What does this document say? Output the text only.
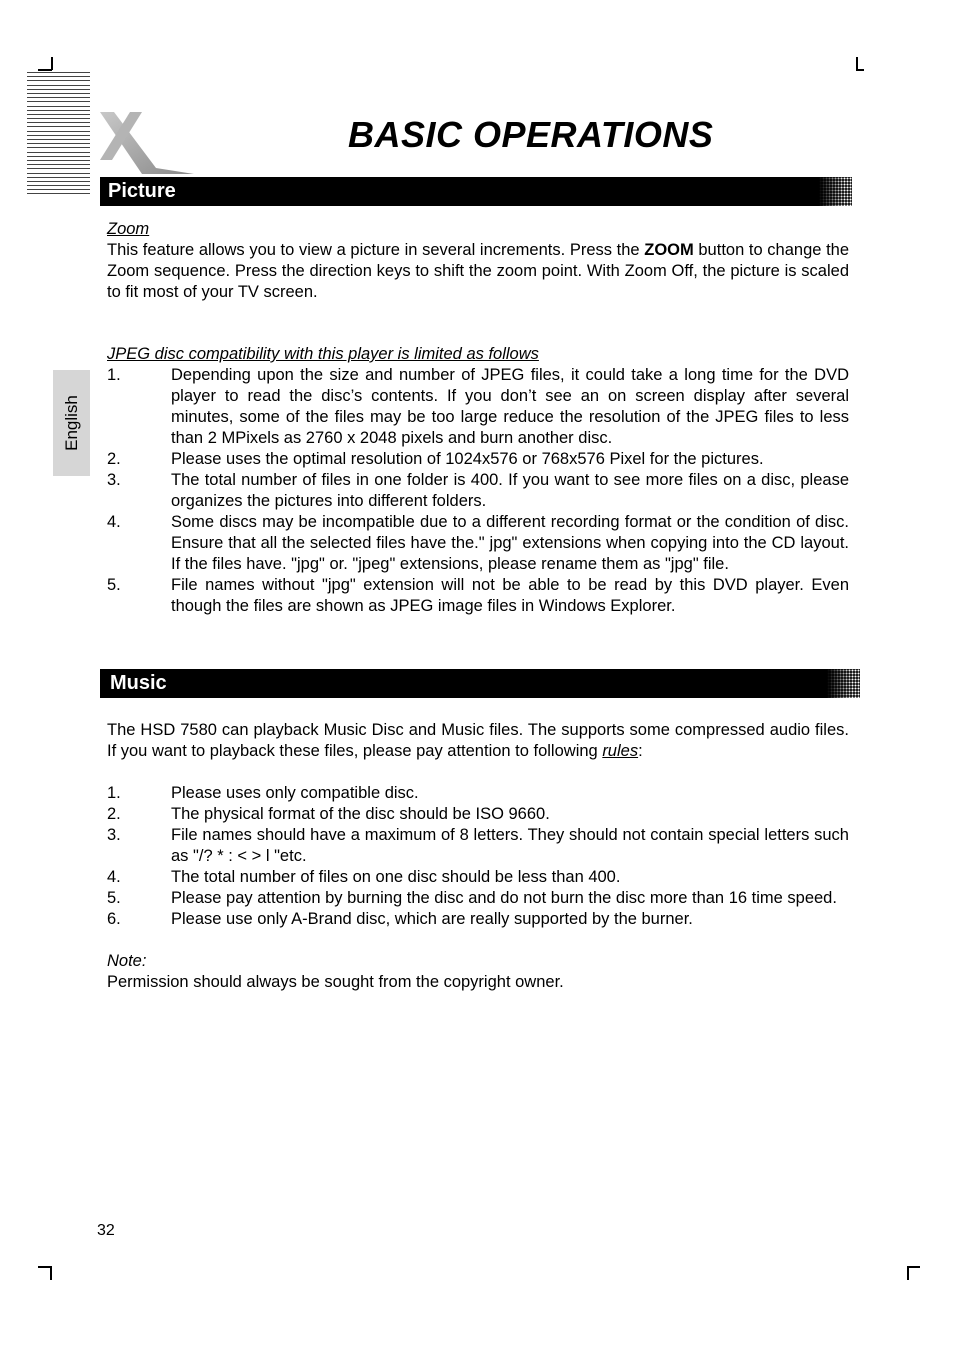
BASIC OPERATIONS
English
Picture
Zoom
This feature allows you to view a picture in several increments. Press the ZOOM button to change the Zoom sequence. Press the direction keys to shift the zoom point. With Zoom Off, the picture is scaled to fit most of your TV screen.
JPEG disc compatibility with this player is limited as follows
1.	Depending upon the size and number of JPEG files, it could take a long time for the DVD player to read the disc’s contents. If you don’t see an on screen display after several minutes, some of the files may be too large reduce the resolution of the JPEG files to less than 2 MPixels as 2760 x 2048 pixels and burn another disc.
2.	Please uses the optimal resolution of 1024x576 or 768x576 Pixel for the pictures.
3.	The total number of files in one folder is 400. If you want to see more files on a disc, please organizes the pictures into different folders.
4.	Some discs may be incompatible due to a different recording format or the condition of disc. Ensure that all the selected files have the." jpg" extensions when copying into the CD layout. If the files have. "jpg" or. "jpeg" extensions, please rename them as "jpg" file.
5.	File names without "jpg" extension will not be able to be read by this DVD player. Even though the files are shown as JPEG image files in Windows Explorer.
Music
The HSD 7580 can playback Music Disc and Music files. The supports some compressed audio files. If you want to playback these files, please pay attention to following rules:
1.	Please uses only compatible disc.
2.	The physical format of the disc should be ISO 9660.
3.	File names should have a maximum of 8 letters. They should not contain special letters such as "/? * : < > l "etc.
4.	The total number of files on one disc should be less than 400.
5.	Please pay attention by burning the disc and do not burn the disc more than 16 time speed.
6.	Please use only A-Brand disc, which are really supported by the burner.
Note:
Permission should always be sought from the copyright owner.
32
